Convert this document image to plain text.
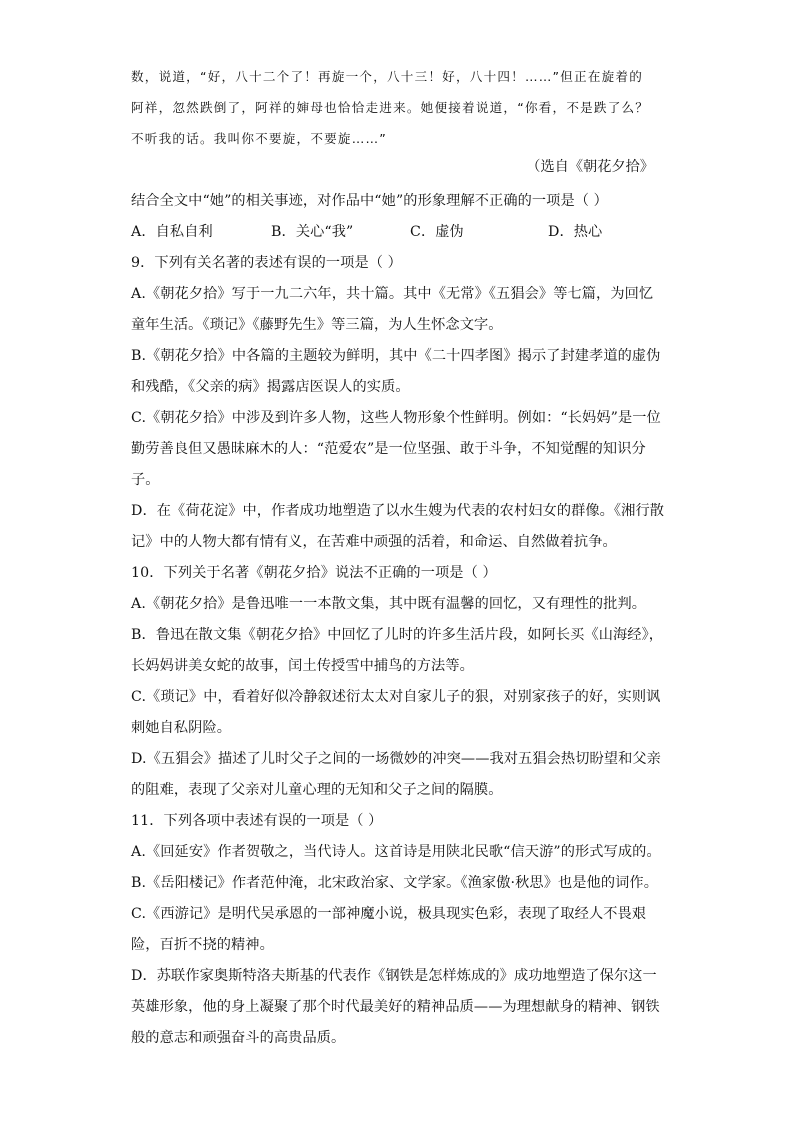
数，说道，“好，八十二个了！再旋一个，八十三！好，八十四！……”但正在旋着的
阿祥，忽然跌倒了，阿祥的婶母也恰恰走进来。她便接着说道，“你看，不是跌了么？
不听我的话。我叫你不要旋，不要旋……”
（选自《朝花夕拾》
结合全文中“她”的相关事迹，对作品中“她”的形象理解不正确的一项是（ ）
A．自私自利	B．关心“我”	C．虚伪	D．热心
9．下列有关名著的表述有误的一项是（ ）
A.《朝花夕拾》写于一九二六年，共十篇。其中《无常》《五猖会》等七篇，为回忆
童年生活。《琐记》《藤野先生》等三篇，为人生怀念文字。
B.《朝花夕拾》中各篇的主题较为鲜明，其中《二十四孝图》揭示了封建孝道的虚伪
和残酷，《父亲的病》揭露店医误人的实质。
C.《朝花夕拾》中涉及到许多人物，这些人物形象个性鲜明。例如：“长妈妈”是一位
勤劳善良但又愚昧麻木的人：“范爱农”是一位坚强、敢于斗争，不知觉醒的知识分
子。
D．在《荷花淀》中，作者成功地塑造了以水生嫂为代表的农村妇女的群像。《湘行散
记》中的人物大都有情有义，在苦难中顽强的活着，和命运、自然做着抗争。
10．下列关于名著《朝花夕拾》说法不正确的一项是（ ）
A.《朝花夕拾》是鲁迅唯一一本散文集，其中既有温馨的回忆，又有理性的批判。
B．鲁迅在散文集《朝花夕拾》中回忆了儿时的许多生活片段，如阿长买《山海经》，
长妈妈讲美女蛇的故事，闰土传授雪中捕鸟的方法等。
C.《琐记》中，看着好似冷静叙述衍太太对自家儿子的狠，对别家孩子的好，实则讽
刺她自私阴险。
D.《五猖会》描述了儿时父子之间的一场微妙的冲突——我对五猖会热切盼望和父亲
的阻难，表现了父亲对儿童心理的无知和父子之间的隔膜。
11．下列各项中表述有误的一项是（ ）
A.《回延安》作者贺敬之，当代诗人。这首诗是用陕北民歌“信天游”的形式写成的。
B.《岳阳楼记》作者范仲淹，北宋政治家、文学家。《渔家傲·秋思》也是他的词作。
C.《西游记》是明代吴承恩的一部神魔小说，极具现实色彩，表现了取经人不畏艰
险，百折不挠的精神。
D．苏联作家奥斯特洛夫斯基的代表作《钢铁是怎样炼成的》成功地塑造了保尔这一
英雄形象，他的身上凝聚了那个时代最美好的精神品质——为理想献身的精神、钢铁
般的意志和顽强奋斗的高贵品质。
